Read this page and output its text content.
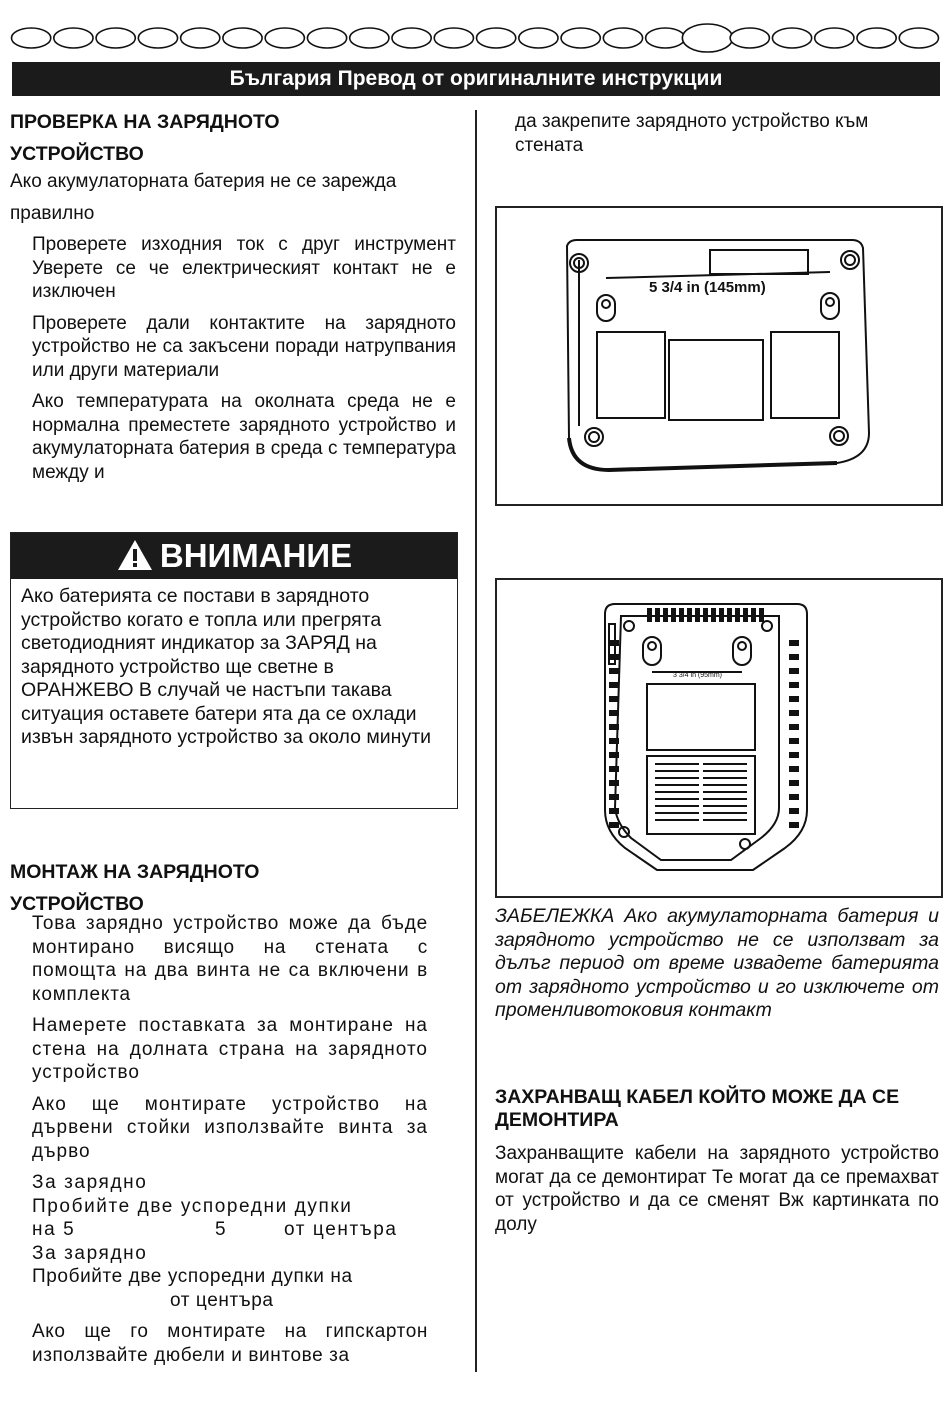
България Превод от оригиналните инструкции
ПРОВЕРКА НА ЗАРЯДНОТО
УСТРОЙСТВО

Ако акумулаторната батерия не се зарежда

правилно

Проверете изходния ток с друг инструмент Уверете се че електрическият контакт не е изключен

Проверете дали контактите на зарядното устройство не са закъсени поради натрупвания или други материали

Ако температурата на околната среда не е нормална преместете зарядното устройство и акумулаторната батерия в среда с температура между и

ВНИМАНИЕ
Ако батерията се постави в зарядното устройство когато е топла или прегрята светодиодният индикатор за ЗАРЯД на зарядното устройство ще светне в ОРАНЖЕВО В случай че настъпи такава ситуация оставете батери ята да се охлади извън зарядното устройство за около минути
МОНТАЖ НА ЗАРЯДНОТО
УСТРОЙСТВО

Това зарядно устройство може да бъде монтирано висящо на стената с помощта на два винта не са включени в комплекта

Намерете поставката за монтиране на стена на долната страна на зарядното устройство

Ако ще монтирате устройство на дървени стойки използвайте винта за дърво

За зарядно
Пробийте две успоредни дупки
на 5	5	от центъра
За зарядно
Пробийте две успоредни дупки на
от центъра

Ако ще го монтирате на гипскартон използвайте дюбели и винтове за

да закрепите зарядното устройство към стената
5 3/4 in (145mm)
3 3/4 in (95mm)
ЗАБЕЛЕЖКА Ако акумулаторната батерия и зарядното устройство не се използват за дълъг период от време извадете батерията от зарядното устройство и го изключете от променливотоковия контакт
ЗАХРАНВАЩ КАБЕЛ КОЙТО МОЖЕ ДА СЕ ДЕМОНТИРА

Захранващите кабели на зарядното устройство могат да се демонтират Те могат да се премахват от устройство и да се сменят Вж картинката по долу
